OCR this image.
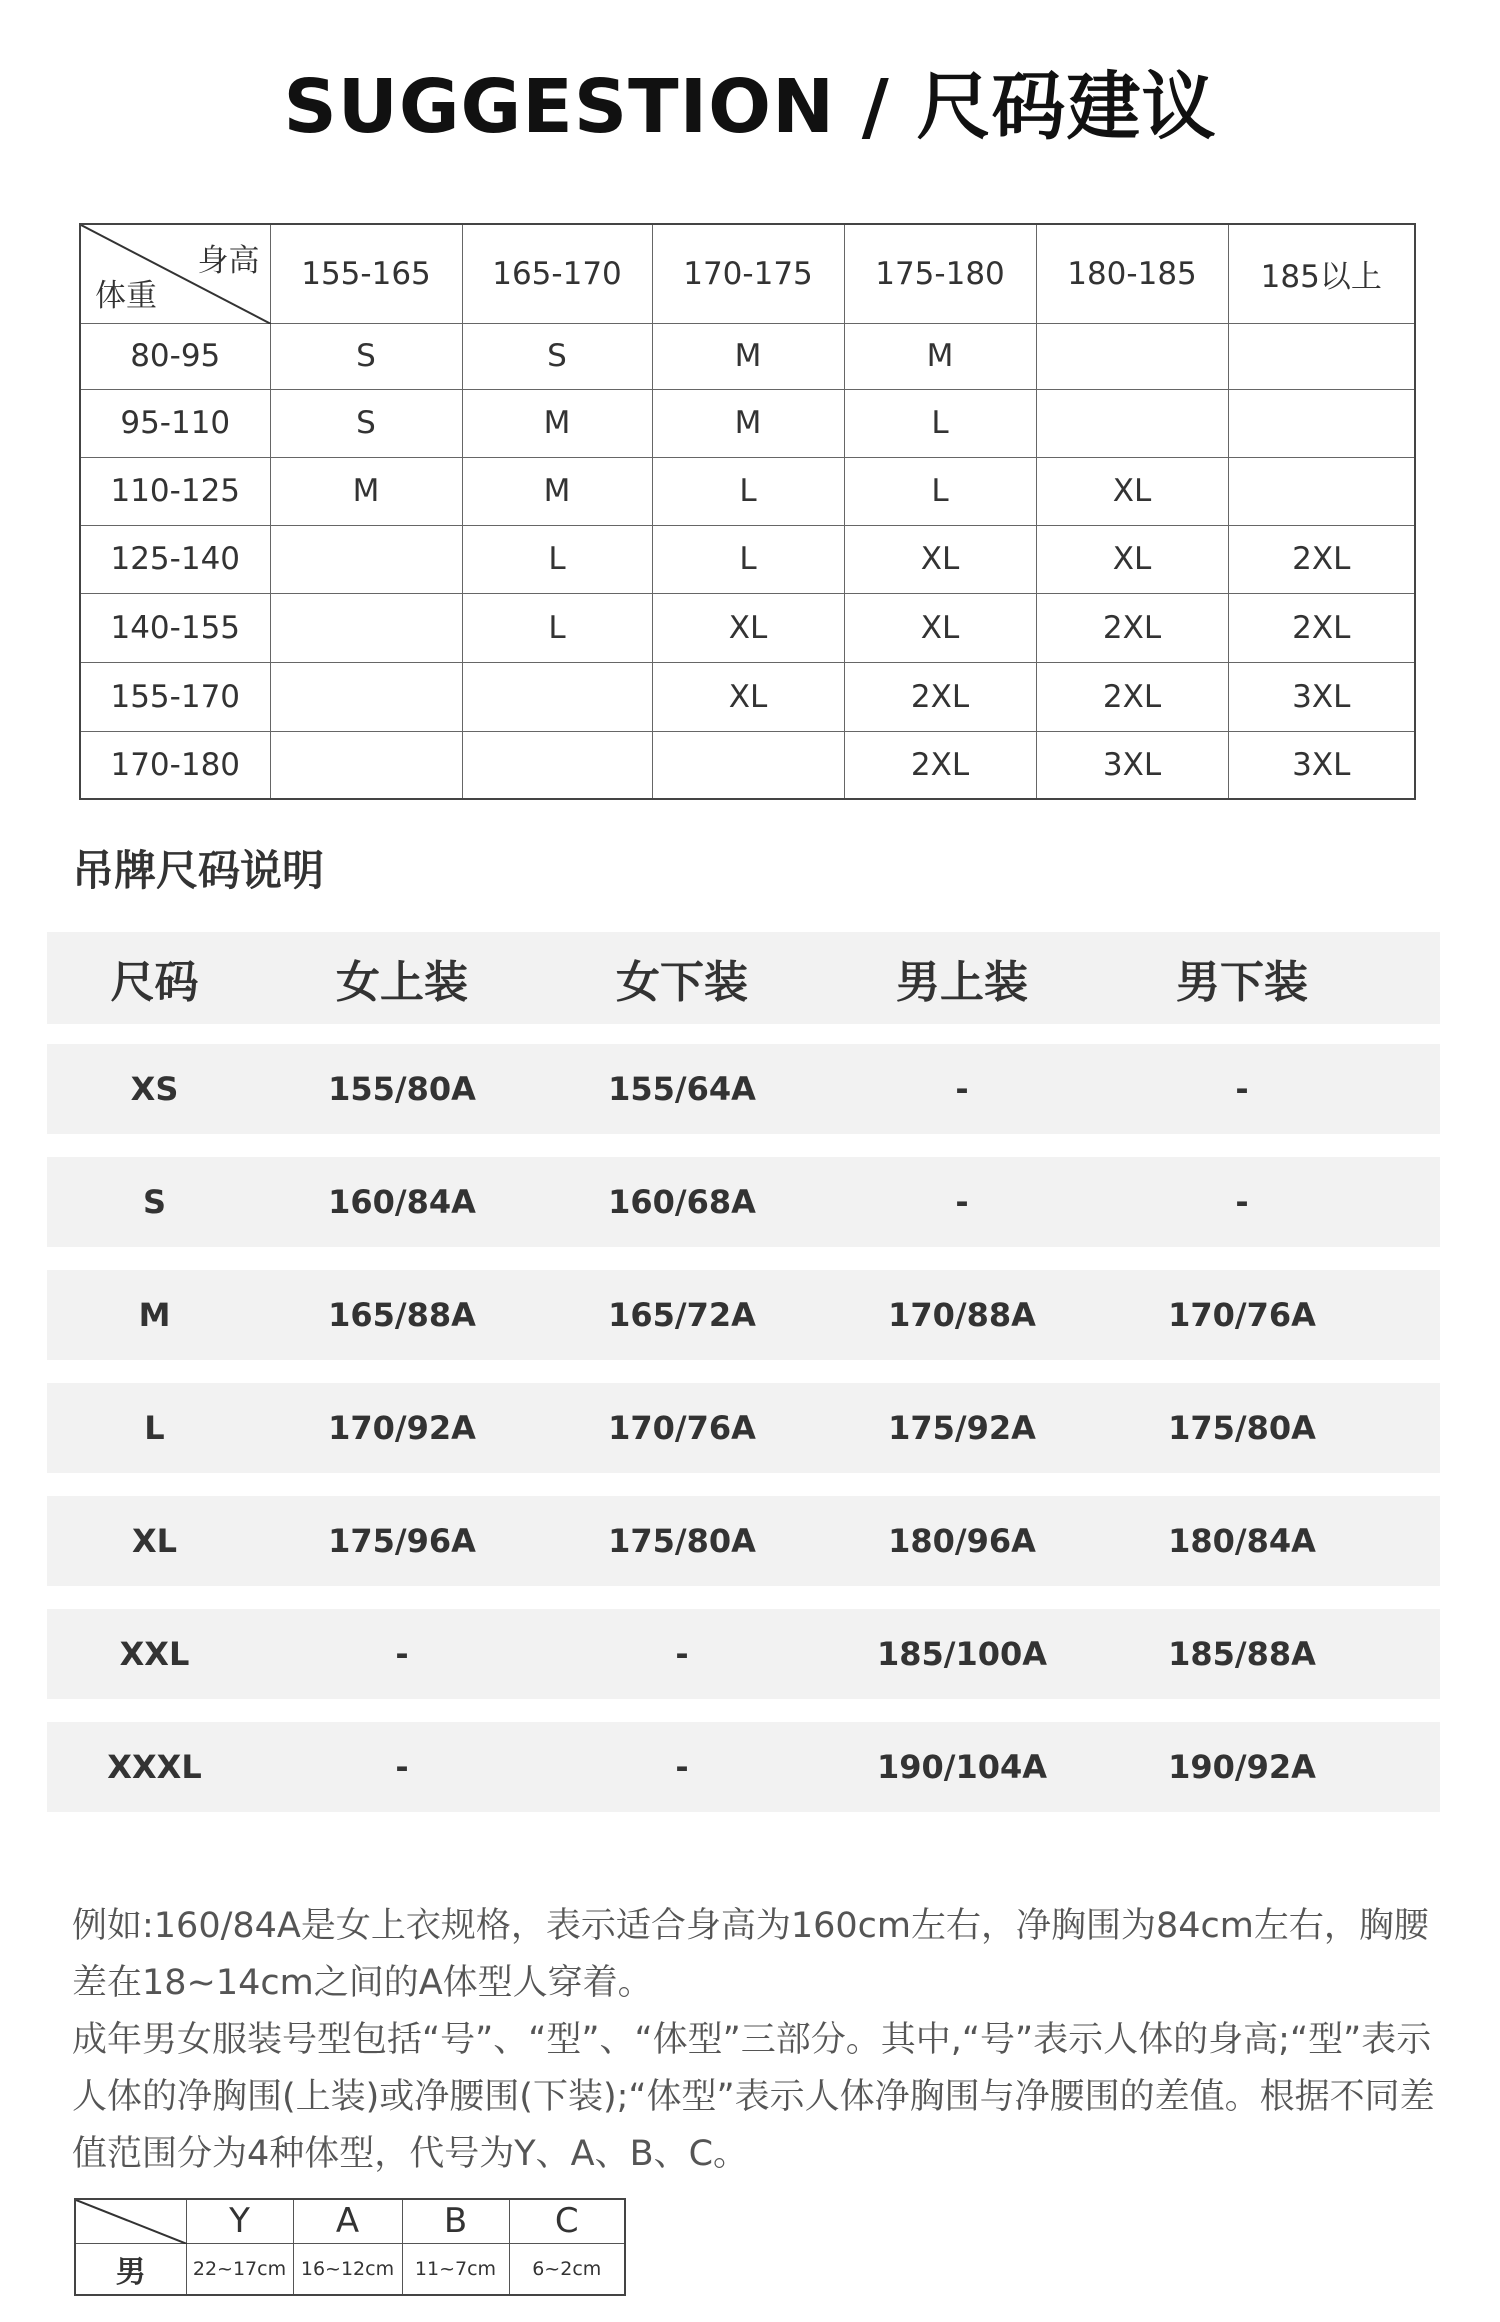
SUGGESTION / 尺码建议
身高
体重	155-165	165-170	170-175	175-180	180-185	185以上
80-95	S	S	M	M		
95-110	S	M	M	L		
110-125	M	M	L	L	XL	
125-140		L	L	XL	XL	2XL
140-155		L	XL	XL	2XL	2XL
155-170			XL	2XL	2XL	3XL
170-180				2XL	3XL	3XL
吊牌尺码说明
尺码	女上装	女下装	男上装	男下装
XS	155/80A	155/64A	-	-
S	160/84A	160/68A	-	-
M	165/88A	165/72A	170/88A	170/76A
L	170/92A	170/76A	175/92A	175/80A
XL	175/96A	175/80A	180/96A	180/84A
XXL	-	-	185/100A	185/88A
XXXL	-	-	190/104A	190/92A
例如:160/84A是女上衣规格，表示适合身高为160cm左右，净胸围为84cm左右，胸腰差在18~14cm之间的A体型人穿着。
成年男女服装号型包括“号”、“型”、“体型”三部分。其中,“号”表示人体的身高;“型”表示人体的净胸围(上装)或净腰围(下装);“体型”表示人体净胸围与净腰围的差值。根据不同差值范围分为4种体型，代号为Y、A、B、C。
	Y	A	B	C
男	22~17cm	16~12cm	11~7cm	6~2cm
